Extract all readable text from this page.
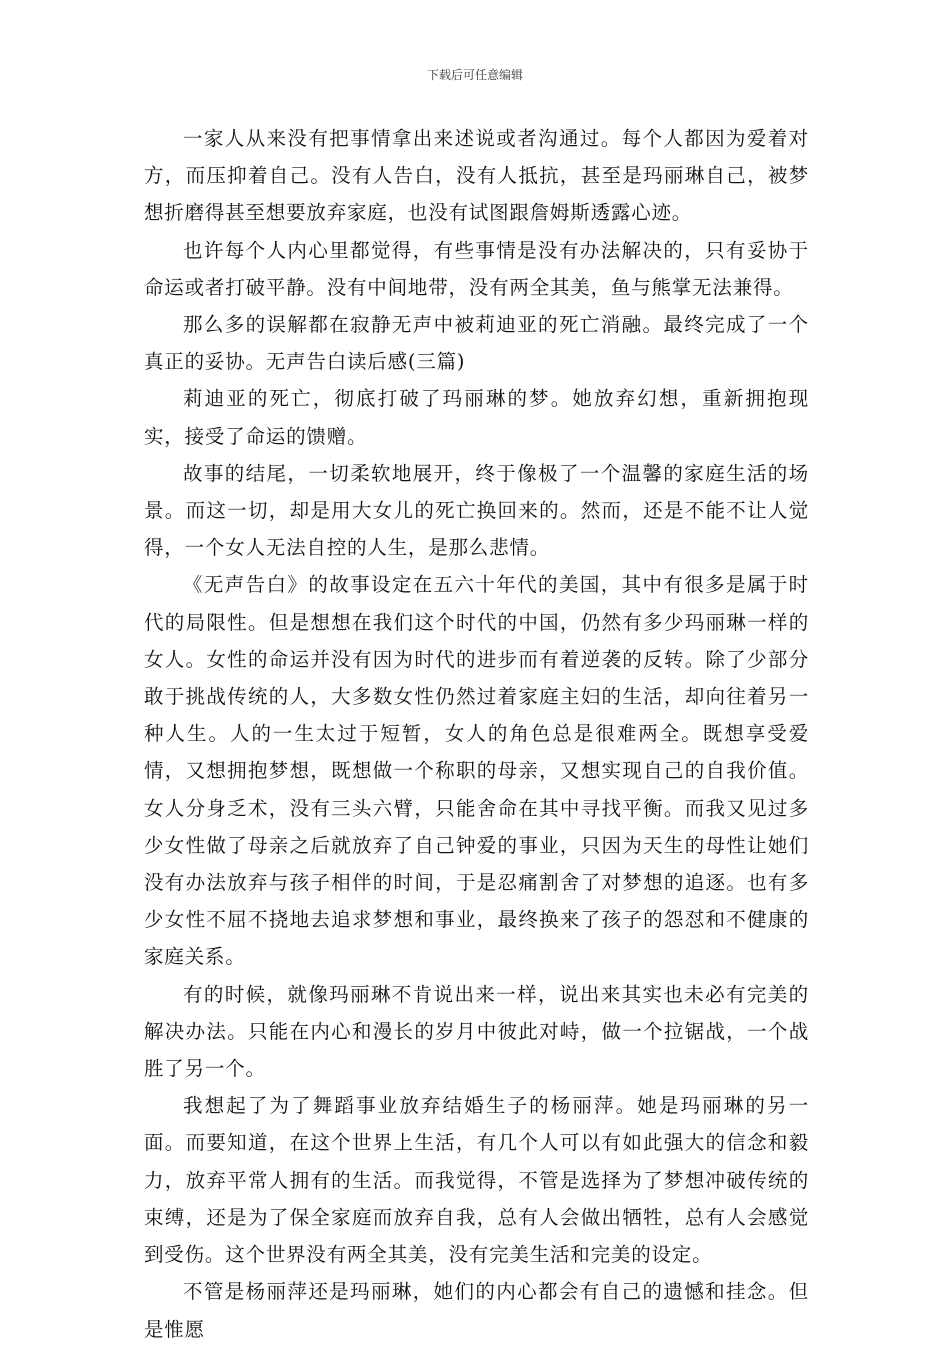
下载后可任意编辑

一家人从来没有把事情拿出来述说或者沟通过。每个人都因为爱着对方，而压抑着自己。没有人告白，没有人抵抗，甚至是玛丽琳自己，被梦想折磨得甚至想要放弃家庭，也没有试图跟詹姆斯透露心迹。

也许每个人内心里都觉得，有些事情是没有办法解决的，只有妥协于命运或者打破平静。没有中间地带，没有两全其美，鱼与熊掌无法兼得。

那么多的误解都在寂静无声中被莉迪亚的死亡消融。最终完成了一个真正的妥协。无声告白读后感(三篇)

莉迪亚的死亡，彻底打破了玛丽琳的梦。她放弃幻想，重新拥抱现实，接受了命运的馈赠。

故事的结尾，一切柔软地展开，终于像极了一个温馨的家庭生活的场景。而这一切，却是用大女儿的死亡换回来的。然而，还是不能不让人觉得，一个女人无法自控的人生，是那么悲情。

《无声告白》的故事设定在五六十年代的美国，其中有很多是属于时代的局限性。但是想想在我们这个时代的中国，仍然有多少玛丽琳一样的女人。女性的命运并没有因为时代的进步而有着逆袭的反转。除了少部分敢于挑战传统的人，大多数女性仍然过着家庭主妇的生活，却向往着另一种人生。人的一生太过于短暂，女人的角色总是很难两全。既想享受爱情，又想拥抱梦想，既想做一个称职的母亲，又想实现自己的自我价值。女人分身乏术，没有三头六臂，只能舍命在其中寻找平衡。而我又见过多少女性做了母亲之后就放弃了自己钟爱的事业，只因为天生的母性让她们没有办法放弃与孩子相伴的时间，于是忍痛割舍了对梦想的追逐。也有多少女性不屈不挠地去追求梦想和事业，最终换来了孩子的怨怼和不健康的家庭关系。

有的时候，就像玛丽琳不肯说出来一样，说出来其实也未必有完美的解决办法。只能在内心和漫长的岁月中彼此对峙，做一个拉锯战，一个战胜了另一个。

我想起了为了舞蹈事业放弃结婚生子的杨丽萍。她是玛丽琳的另一面。而要知道，在这个世界上生活，有几个人可以有如此强大的信念和毅力，放弃平常人拥有的生活。而我觉得，不管是选择为了梦想冲破传统的束缚，还是为了保全家庭而放弃自我，总有人会做出牺牲，总有人会感觉到受伤。这个世界没有两全其美，没有完美生活和完美的设定。

不管是杨丽萍还是玛丽琳，她们的内心都会有自己的遗憾和挂念。但是惟愿
